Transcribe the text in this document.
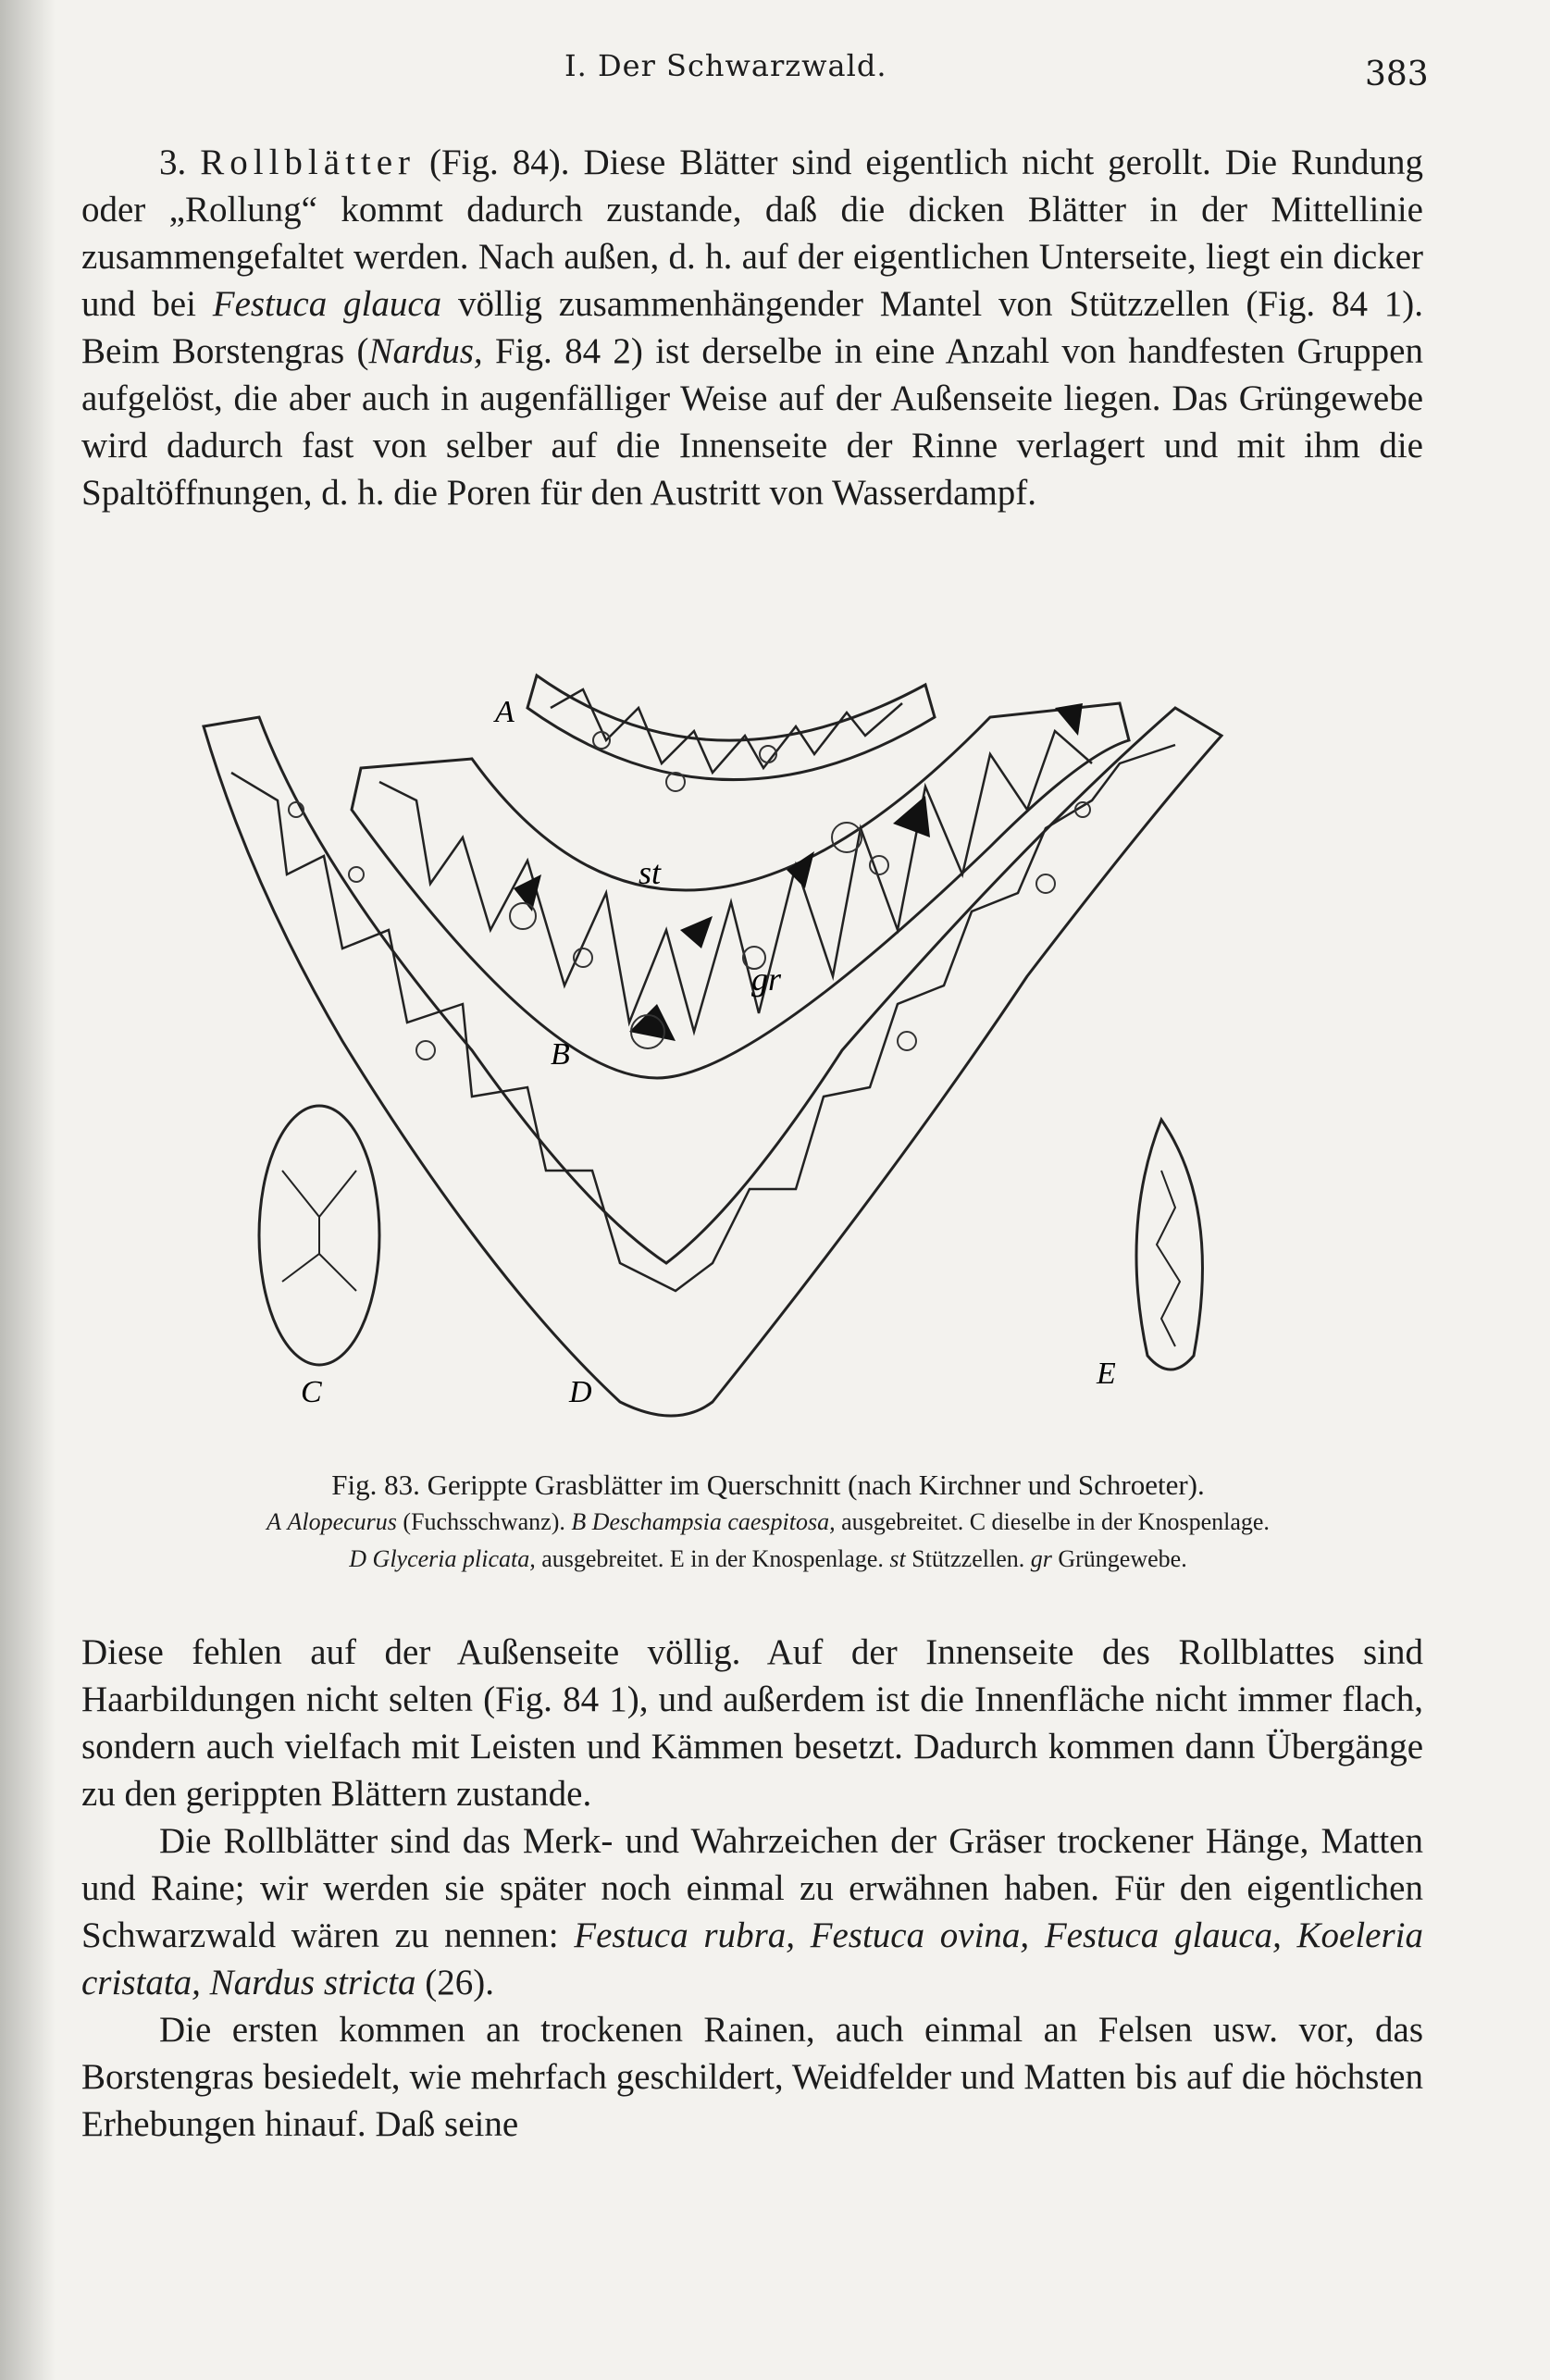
I. Der Schwarzwald.	383

3. Rollblätter (Fig. 84). Diese Blätter sind eigentlich nicht gerollt. Die Rundung oder „Rollung“ kommt dadurch zustande, daß die dicken Blätter in der Mittellinie zusammengefaltet werden. Nach außen, d. h. auf der eigentlichen Unterseite, liegt ein dicker und bei Festuca glauca völlig zusammenhängender Mantel von Stützzellen (Fig. 84 1). Beim Borstengras (Nardus, Fig. 84 2) ist derselbe in eine Anzahl von handfesten Gruppen aufgelöst, die aber auch in augenfälliger Weise auf der Außenseite liegen. Das Grüngewebe wird dadurch fast von selber auf die Innenseite der Rinne verlagert und mit ihm die Spaltöffnungen, d. h. die Poren für den Austritt von Wasserdampf.

C	D
E
A
B
st
gr
Fig. 83. Gerippte Grasblätter im Querschnitt (nach Kirchner und Schroeter).
A Alopecurus (Fuchsschwanz). B Deschampsia caespitosa, ausgebreitet. C dieselbe in der Knospenlage.
D Glyceria plicata, ausgebreitet. E in der Knospenlage. st Stützzellen. gr Grüngewebe.

Diese fehlen auf der Außenseite völlig. Auf der Innenseite des Rollblattes sind Haarbildungen nicht selten (Fig. 84 1), und außerdem ist die Innenfläche nicht immer flach, sondern auch vielfach mit Leisten und Kämmen besetzt. Dadurch kommen dann Übergänge zu den gerippten Blättern zustande.

Die Rollblätter sind das Merk- und Wahrzeichen der Gräser trockener Hänge, Matten und Raine; wir werden sie später noch einmal zu erwähnen haben. Für den eigentlichen Schwarzwald wären zu nennen: Festuca rubra, Festuca ovina, Festuca glauca, Koeleria cristata, Nardus stricta (26).

Die ersten kommen an trockenen Rainen, auch einmal an Felsen usw. vor, das Borstengras besiedelt, wie mehrfach geschildert, Weidfelder und Matten bis auf die höchsten Erhebungen hinauf. Daß seine
